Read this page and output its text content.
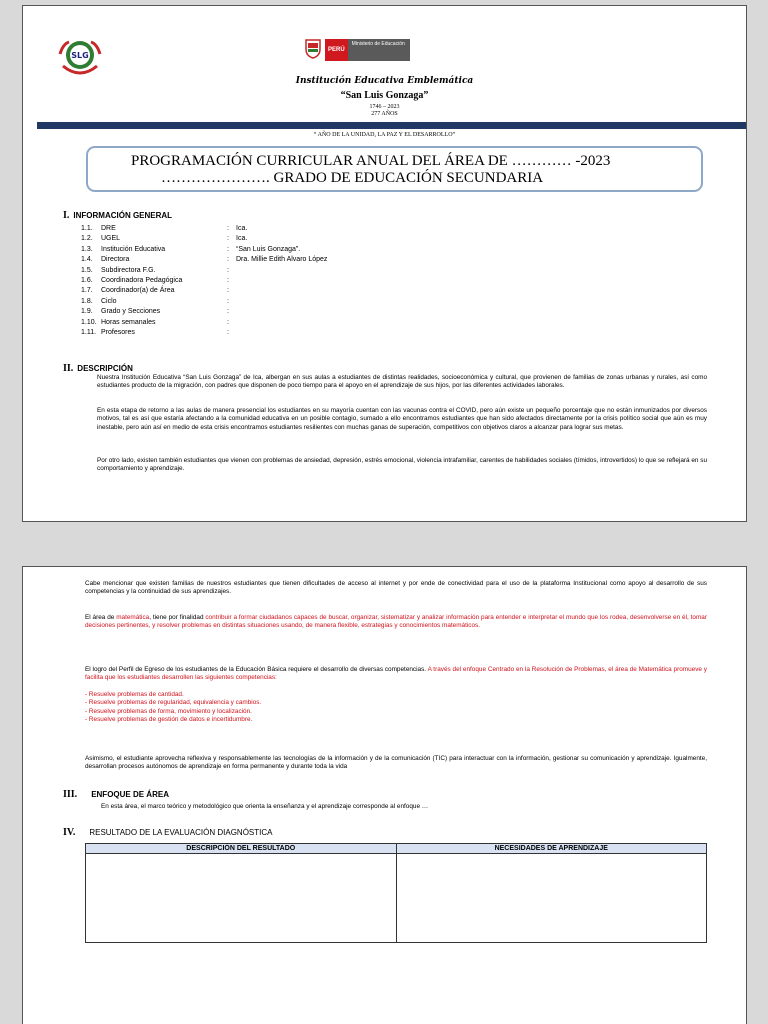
SLG
PERÚ
Ministerio de Educación
Institución Educativa Emblemática
“San Luis Gonzaga”
1746 – 2023
277 AÑOS
“ AÑO DE LA UNIDAD, LA PAZ Y EL DESARROLLO”
PROGRAMACIÓN CURRICULAR ANUAL DEL ÁREA DE ………… -2023
…………………. GRADO DE EDUCACIÓN SECUNDARIA
I. INFORMACIÓN GENERAL
1.1. DRE	: Ica.
1.2. UGEL	: Ica.
1.3. Institución Educativa	: “San Luis Gonzaga”.
1.4. Directora	: Dra. Millie Edith Alvaro López
1.5. Subdirectora F.G.	:
1.6. Coordinadora Pedagógica	:
1.7. Coordinador(a) de Área	:
1.8. Ciclo	:
1.9. Grado y Secciones	:
1.10. Horas semanales	:
1.11. Profesores	:
II. DESCRIPCIÓN
Nuestra Institución Educativa “San Luis Gonzaga” de Ica, albergan en sus aulas a estudiantes de distintas realidades, socioeconómica y cultural, que provienen de familias de zonas urbanas y rurales, así como estudiantes producto de la migración, con padres que disponen de poco tiempo para el apoyo en el aprendizaje de sus hijos, por las diferentes actividades laborales.
En esta etapa de retorno a las aulas de manera presencial los estudiantes en su mayoría cuentan con las vacunas contra el COVID, pero aún existe un pequeño porcentaje que no están inmunizados por diversos motivos, tal es así que estaría afectando a la comunidad educativa en un posible contagio, sumado a ello encontramos estudiantes que han sido afectados directamente por la crisis político social que aún es muy inestable, pero aún así en medio de esta crisis encontramos estudiantes resilientes con muchas ganas de superación, competitivos con objetivos claros a alcanzar para lograr sus metas.
Por otro lado, existen también estudiantes que vienen con problemas de ansiedad, depresión, estrés emocional, violencia intrafamiliar, carentes de habilidades sociales (tímidos, introvertidos) lo que se reflejará en su comportamiento y aprendizaje.
Cabe mencionar que existen familias de nuestros estudiantes que tienen dificultades de acceso al internet y por ende de conectividad para el uso de la plataforma Institucional como apoyo al desarrollo de sus competencias y la continuidad de sus aprendizajes.
El área de matemática, tiene por finalidad contribuir a formar ciudadanos capaces de buscar, organizar, sistematizar y analizar información para entender e interpretar el mundo que los rodea, desenvolverse en él, tomar decisiones pertinentes, y resolver problemas en distintas situaciones usando, de manera flexible, estrategias y conocimientos matemáticos.
El logro del Perfil de Egreso de los estudiantes de la Educación Básica requiere el desarrollo de diversas competencias. A través del enfoque Centrado en la Resolución de Problemas, el área de Matemática promueve y facilita que los estudiantes desarrollen las siguientes competencias:
- Resuelve problemas de cantidad.
- Resuelve problemas de regularidad, equivalencia y cambios.
- Resuelve problemas de forma, movimiento y localización.
- Resuelve problemas de gestión de datos e incertidumbre.
Asimismo, el estudiante aprovecha reflexiva y responsablemente las tecnologías de la información y de la comunicación (TIC) para interactuar con la información, gestionar su comunicación y aprendizaje. Igualmente, desarrollan procesos autónomos de aprendizaje en forma permanente y durante toda la vida
III. ENFOQUE DE ÁREA
En esta área, el marco teórico y metodológico que orienta la enseñanza y el aprendizaje corresponde al enfoque …
IV. RESULTADO DE LA EVALUACIÓN DIAGNÓSTICA
DESCRIPCIÓN DEL RESULTADO	NECESIDADES DE APRENDIZAJE
